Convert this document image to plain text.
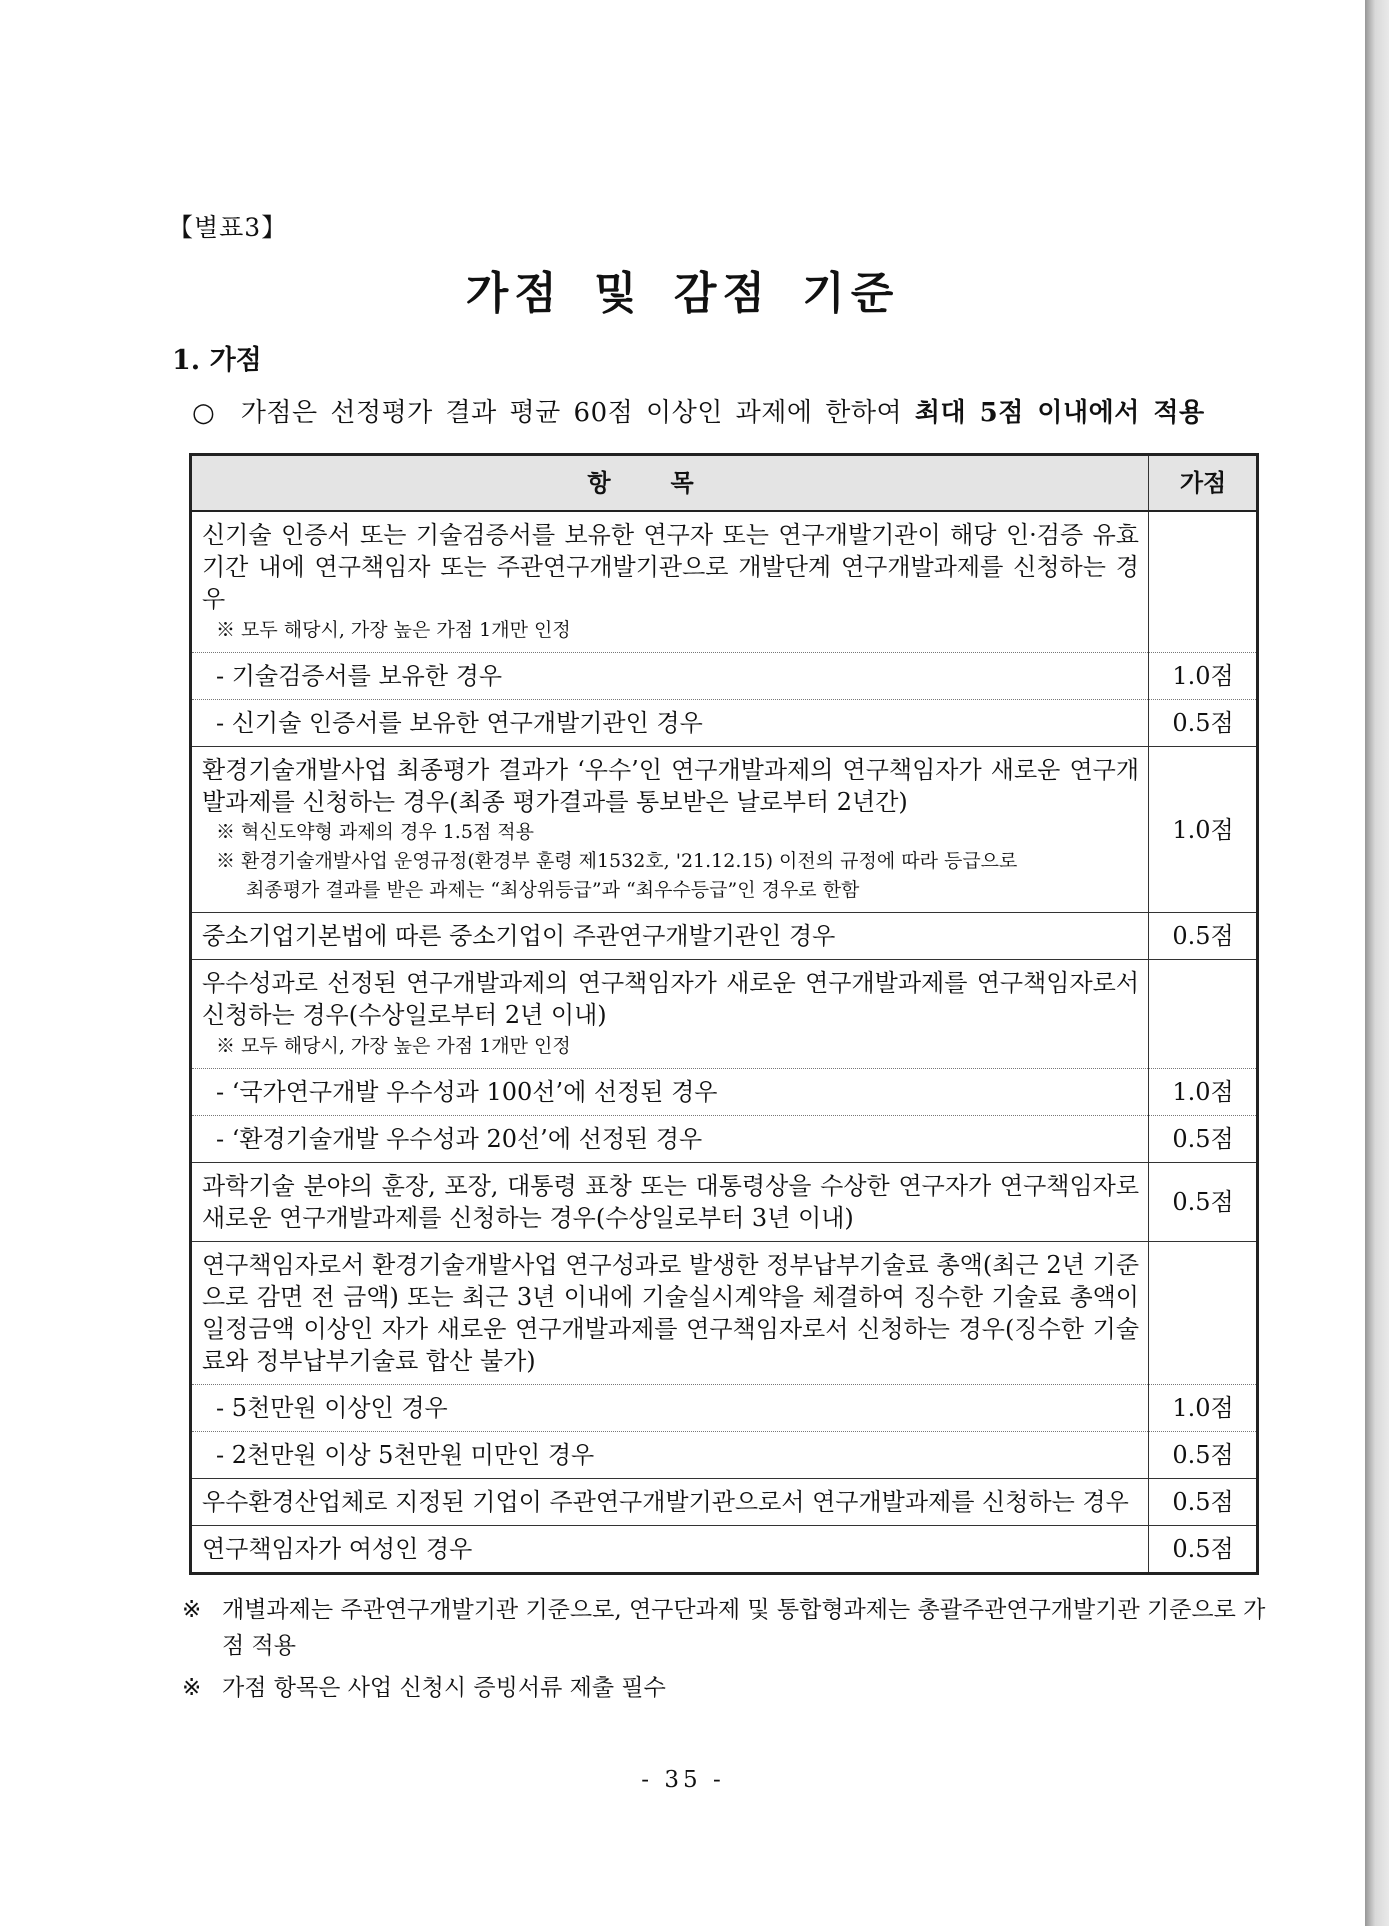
【별표3】
가점 및 감점 기준
1. 가점
○ 가점은 선정평가 결과 평균 60점 이상인 과제에 한하여 최대 5점 이내에서 적용
항목	가점

신기술 인증서 또는 기술검증서를 보유한 연구자 또는 연구개발기관이 해당 인·검증 유효기간 내에 연구책임자 또는 주관연구개발기관으로 개발단계 연구개발과제를 신청하는 경우
※ 모두 해당시, 가장 높은 가점 1개만 인정	

- 기술검증서를 보유한 경우	1.0점

- 신기술 인증서를 보유한 연구개발기관인 경우	0.5점

환경기술개발사업 최종평가 결과가 ‘우수’인 연구개발과제의 연구책임자가 새로운 연구개발과제를 신청하는 경우(최종 평가결과를 통보받은 날로부터 2년간)
※ 혁신도약형 과제의 경우 1.5점 적용
※ 환경기술개발사업 운영규정(환경부 훈령 제1532호, '21.12.15) 이전의 규정에 따라 등급으로
최종평가 결과를 받은 과제는 “최상위등급”과 “최우수등급”인 경우로 한함	1.0점

중소기업기본법에 따른 중소기업이 주관연구개발기관인 경우	0.5점

우수성과로 선정된 연구개발과제의 연구책임자가 새로운 연구개발과제를 연구책임자로서 신청하는 경우(수상일로부터 2년 이내)
※ 모두 해당시, 가장 높은 가점 1개만 인정	

- ‘국가연구개발 우수성과 100선’에 선정된 경우	1.0점

- ‘환경기술개발 우수성과 20선’에 선정된 경우	0.5점

과학기술 분야의 훈장, 포장, 대통령 표창 또는 대통령상을 수상한 연구자가 연구책임자로 새로운 연구개발과제를 신청하는 경우(수상일로부터 3년 이내)	0.5점

연구책임자로서 환경기술개발사업 연구성과로 발생한 정부납부기술료 총액(최근 2년 기준으로 감면 전 금액) 또는 최근 3년 이내에 기술실시계약을 체결하여 징수한 기술료 총액이 일정금액 이상인 자가 새로운 연구개발과제를 연구책임자로서 신청하는 경우(징수한 기술료와 정부납부기술료 합산 불가)	

- 5천만원 이상인 경우	1.0점

- 2천만원 이상 5천만원 미만인 경우	0.5점

우수환경산업체로 지정된 기업이 주관연구개발기관으로서 연구개발과제를 신청하는 경우	0.5점

연구책임자가 여성인 경우	0.5점
※ 개별과제는 주관연구개발기관 기준으로, 연구단과제 및 통합형과제는 총괄주관연구개발기관 기준으로 가점 적용
※ 가점 항목은 사업 신청시 증빙서류 제출 필수
- 35 -
